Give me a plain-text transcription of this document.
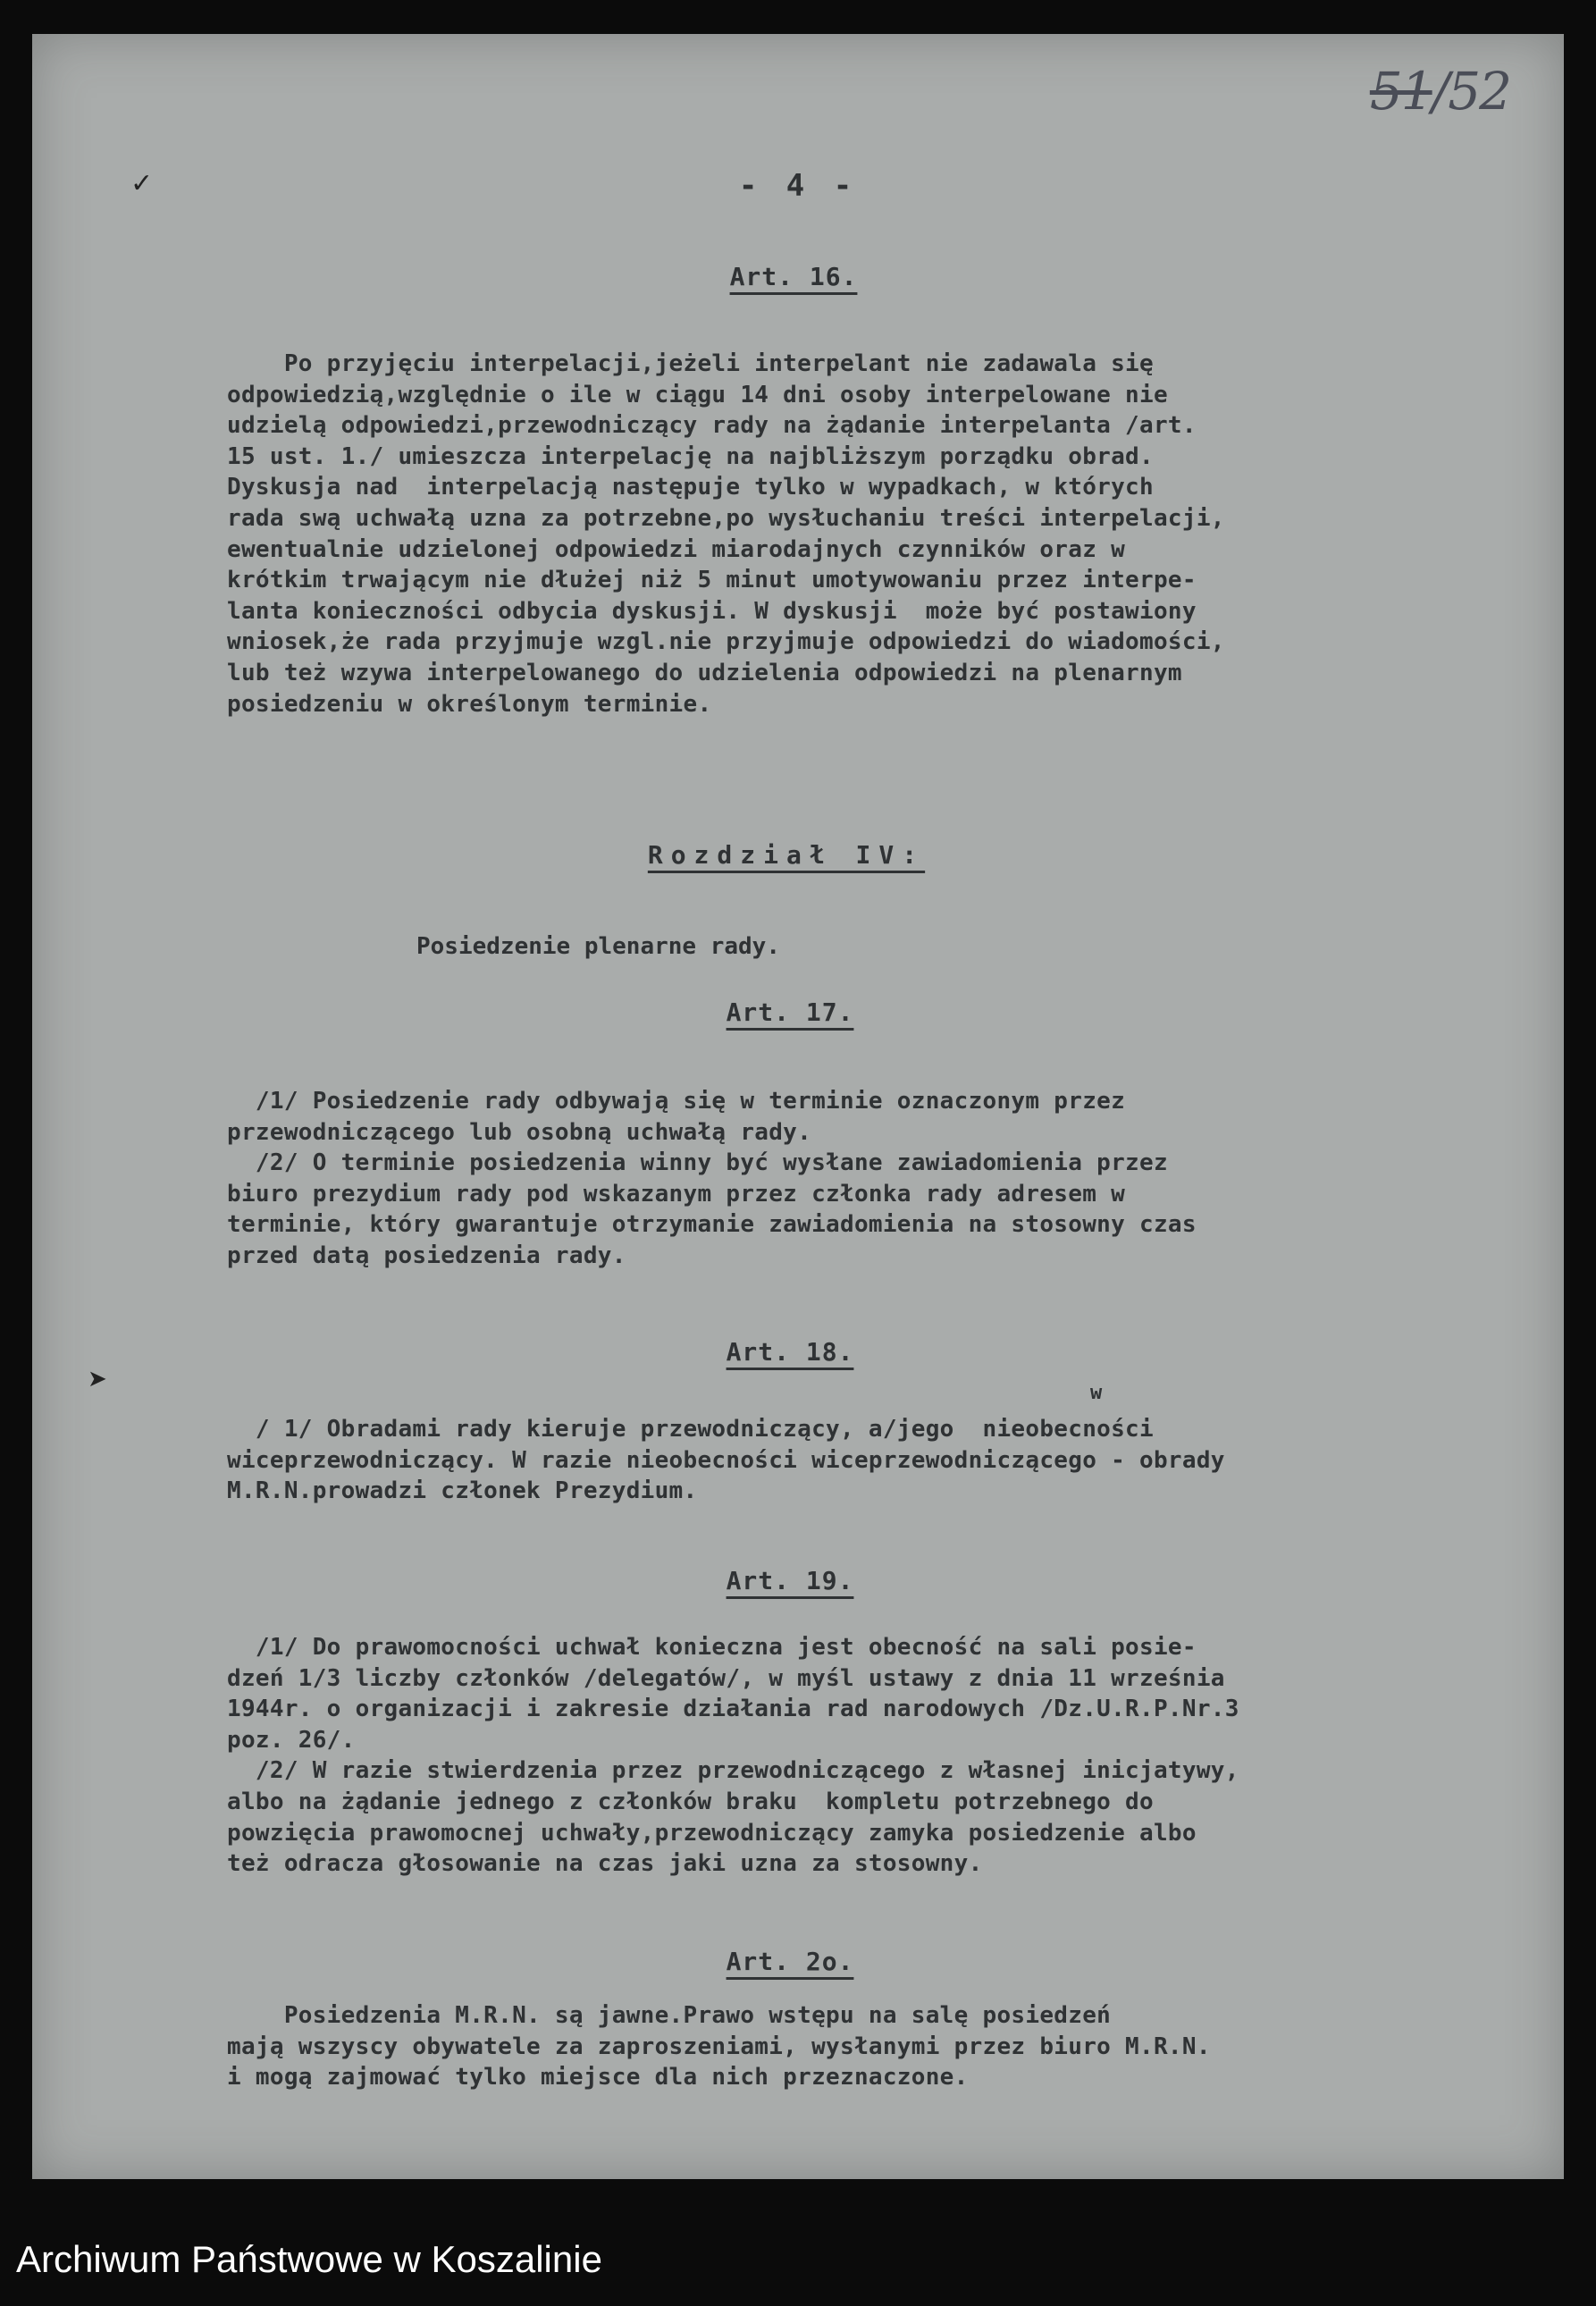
51/52
✓
➤
- 4 -
Art. 16.
Po przyjęciu interpelacji,jeżeli interpelant nie zadawala się
odpowiedzią,względnie o ile w ciągu 14 dni osoby interpelowane nie
udzielą odpowiedzi,przewodniczący rady na żądanie interpelanta /art.
15 ust. 1./ umieszcza interpelację na najbliższym porządku obrad.
Dyskusja nad  interpelacją następuje tylko w wypadkach, w których
rada swą uchwałą uzna za potrzebne,po wysłuchaniu treści interpelacji,
ewentualnie udzielonej odpowiedzi miarodajnych czynników oraz w
krótkim trwającym nie dłużej niż 5 minut umotywowaniu przez interpe-
lanta konieczności odbycia dyskusji. W dyskusji  może być postawiony
wniosek,że rada przyjmuje wzgl.nie przyjmuje odpowiedzi do wiadomości,
lub też wzywa interpelowanego do udzielenia odpowiedzi na plenarnym
posiedzeniu w określonym terminie.
Rozdział IV:
Posiedzenie plenarne rady.
Art. 17.
/1/ Posiedzenie rady odbywają się w terminie oznaczonym przez
przewodniczącego lub osobną uchwałą rady.
/2/ O terminie posiedzenia winny być wysłane zawiadomienia przez
biuro prezydium rady pod wskazanym przez członka rady adresem w
terminie, który gwarantuje otrzymanie zawiadomienia na stosowny czas
przed datą posiedzenia rady.
Art. 18.
w
/ 1/ Obradami rady kieruje przewodniczący, a/jego  nieobecności
wiceprzewodniczący. W razie nieobecności wiceprzewodniczącego - obrady
M.R.N.prowadzi członek Prezydium.
Art. 19.
/1/ Do prawomocności uchwał konieczna jest obecność na sali posie-
dzeń 1/3 liczby członków /delegatów/, w myśl ustawy z dnia 11 września
1944r. o organizacji i zakresie działania rad narodowych /Dz.U.R.P.Nr.3
poz. 26/.
/2/ W razie stwierdzenia przez przewodniczącego z własnej inicjatywy,
albo na żądanie jednego z członków braku  kompletu potrzebnego do
powzięcia prawomocnej uchwały,przewodniczący zamyka posiedzenie albo
też odracza głosowanie na czas jaki uzna za stosowny.
Art. 2o.
Posiedzenia M.R.N. są jawne.Prawo wstępu na salę posiedzeń
mają wszyscy obywatele za zaproszeniami, wysłanymi przez biuro M.R.N.
i mogą zajmować tylko miejsce dla nich przeznaczone.
Archiwum Państwowe w Koszalinie
